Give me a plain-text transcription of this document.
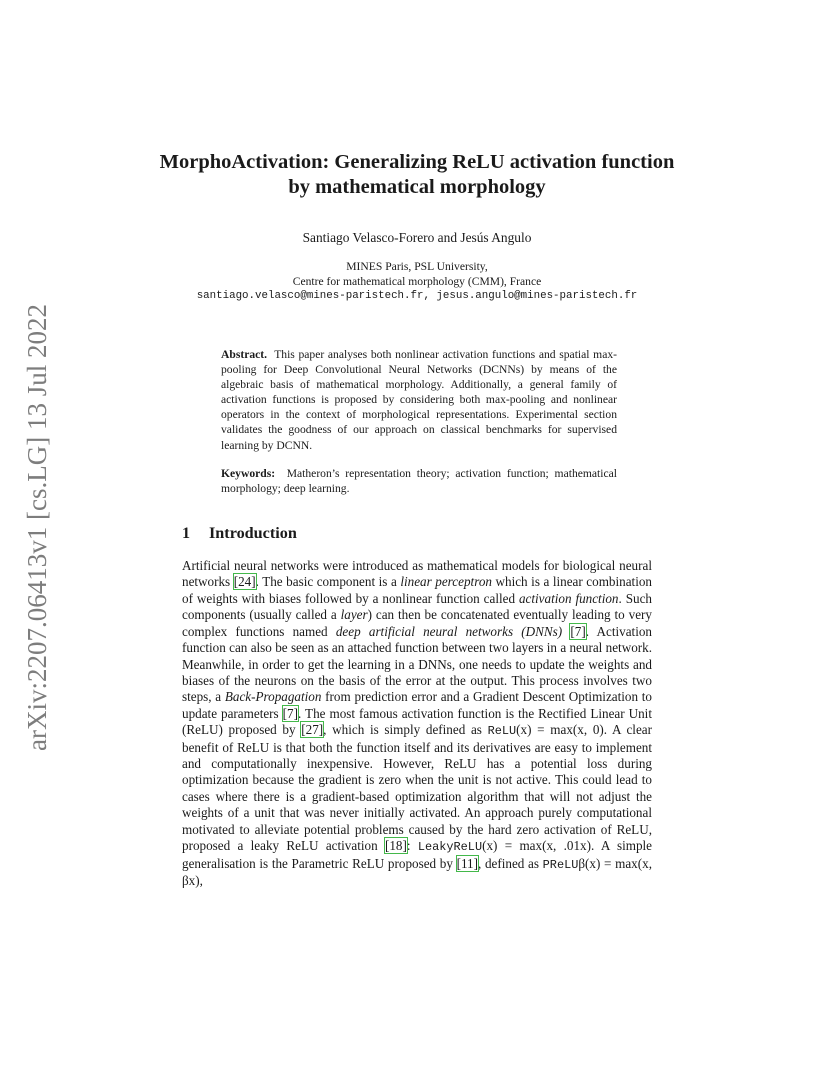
arXiv:2207.06413v1 [cs.LG] 13 Jul 2022
MorphoActivation: Generalizing ReLU activation function by mathematical morphology
Santiago Velasco-Forero and Jesús Angulo
MINES Paris, PSL University,
Centre for mathematical morphology (CMM), France
santiago.velasco@mines-paristech.fr, jesus.angulo@mines-paristech.fr

Abstract. This paper analyses both nonlinear activation functions and spatial max-pooling for Deep Convolutional Neural Networks (DCNNs) by means of the algebraic basis of mathematical morphology. Additionally, a general family of activation functions is proposed by considering both max-pooling and nonlinear operators in the context of morphological representations. Experimental section validates the goodness of our approach on classical benchmarks for supervised learning by DCNN.

Keywords: Matheron’s representation theory; activation function; mathematical morphology; deep learning.

1 Introduction

Artificial neural networks were introduced as mathematical models for biological neural networks [24]. The basic component is a linear perceptron which is a linear combination of weights with biases followed by a nonlinear function called activation function. Such components (usually called a layer) can then be concatenated eventually leading to very complex functions named deep artificial neural networks (DNNs) [7]. Activation function can also be seen as an attached function between two layers in a neural network. Meanwhile, in order to get the learning in a DNNs, one needs to update the weights and biases of the neurons on the basis of the error at the output. This process involves two steps, a Back-Propagation from prediction error and a Gradient Descent Optimization to update parameters [7]. The most famous activation function is the Rectified Linear Unit (ReLU) proposed by [27], which is simply defined as ReLU(x) = max(x, 0). A clear benefit of ReLU is that both the function itself and its derivatives are easy to implement and computationally inexpensive. However, ReLU has a potential loss during optimization because the gradient is zero when the unit is not active. This could lead to cases where there is a gradient-based optimization algorithm that will not adjust the weights of a unit that was never initially activated. An approach purely computational motivated to alleviate potential problems caused by the hard zero activation of ReLU, proposed a leaky ReLU activation [18]: LeakyReLU(x) = max(x, .01x). A simple generalisation is the Parametric ReLU proposed by [11], defined as PReLUβ(x) = max(x, βx),
